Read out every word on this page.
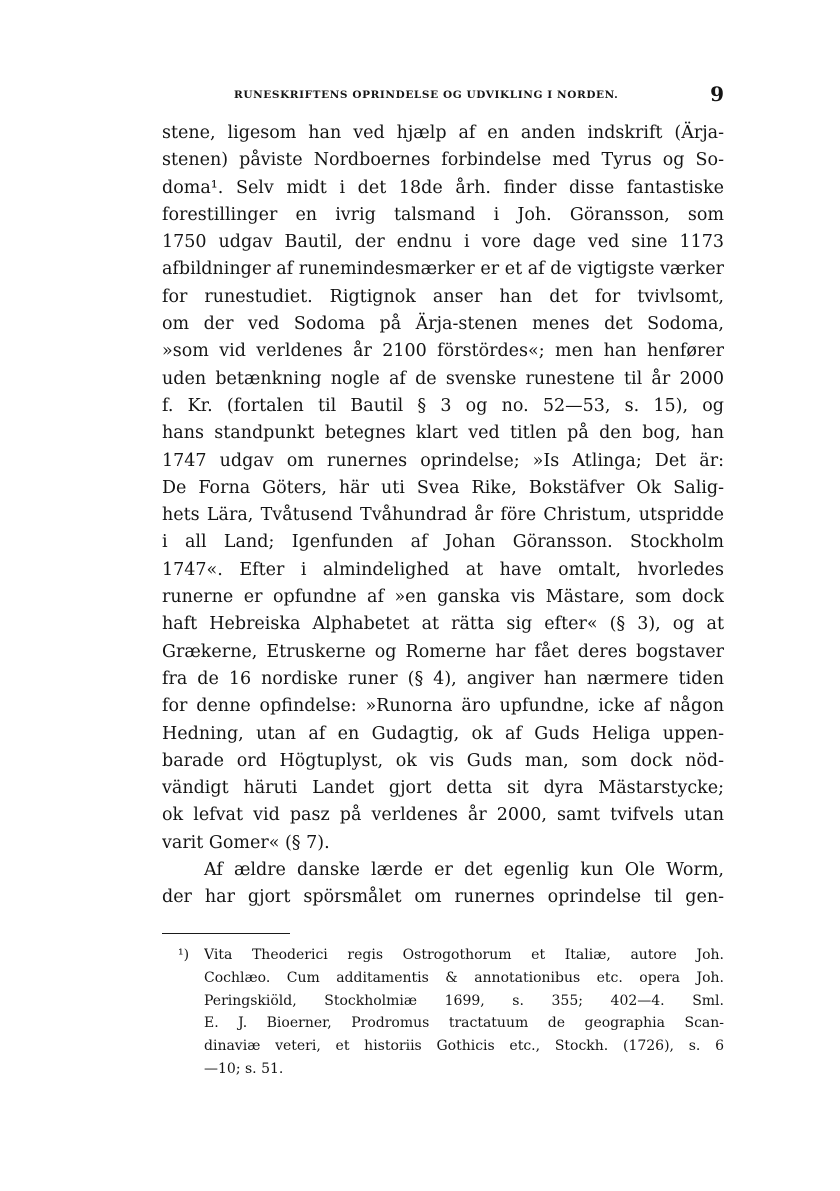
RUNESKRIFTENS OPRINDELSE OG UDVIKLING I NORDEN.	9
stene, ligesom han ved hjælp af en anden indskrift (Ärja-
stenen) påviste Nordboernes forbindelse med Tyrus og So-
doma¹. Selv midt i det 18de årh. finder disse fantastiske
forestillinger en ivrig talsmand i Joh. Göransson, som
1750 udgav Bautil, der endnu i vore dage ved sine 1173
afbildninger af runemindesmærker er et af de vigtigste værker
for runestudiet. Rigtignok anser han det for tvivlsomt,
om der ved Sodoma på Ärja-stenen menes det Sodoma,
»som vid verldenes år 2100 förstördes«; men han henfører
uden betænkning nogle af de svenske runestene til år 2000
f. Kr. (fortalen til Bautil § 3 og no. 52—53, s. 15), og
hans standpunkt betegnes klart ved titlen på den bog, han
1747 udgav om runernes oprindelse; »Is Atlinga; Det är:
De Forna Göters, här uti Svea Rike, Bokstäfver Ok Salig-
hets Lära, Tvåtusend Tvåhundrad år före Christum, utspridde
i all Land; Igenfunden af Johan Göransson. Stockholm
1747«. Efter i almindelighed at have omtalt, hvorledes
runerne er opfundne af »en ganska vis Mästare, som dock
haft Hebreiska Alphabetet at rätta sig efter« (§ 3), og at
Grækerne, Etruskerne og Romerne har fået deres bogstaver
fra de 16 nordiske runer (§ 4), angiver han nærmere tiden
for denne opfindelse: »Runorna äro upfundne, icke af någon
Hedning, utan af en Gudagtig, ok af Guds Heliga uppen-
barade ord Högtuplyst, ok vis Guds man, som dock nöd-
vändigt häruti Landet gjort detta sit dyra Mästarstycke;
ok lefvat vid pasz på verldenes år 2000, samt tvifvels utan
varit Gomer« (§ 7).
Af ældre danske lærde er det egenlig kun Ole Worm,
der har gjort spörsmålet om runernes oprindelse til gen-
¹) Vita Theoderici regis Ostrogothorum et Italiæ, autore Joh.
Cochlæo. Cum additamentis & annotationibus etc. opera Joh.
Peringskiöld, Stockholmiæ 1699, s. 355; 402—4. Sml.
E. J. Bioerner, Prodromus tractatuum de geographia Scan-
dinaviæ veteri, et historiis Gothicis etc., Stockh. (1726), s. 6
—10; s. 51.
